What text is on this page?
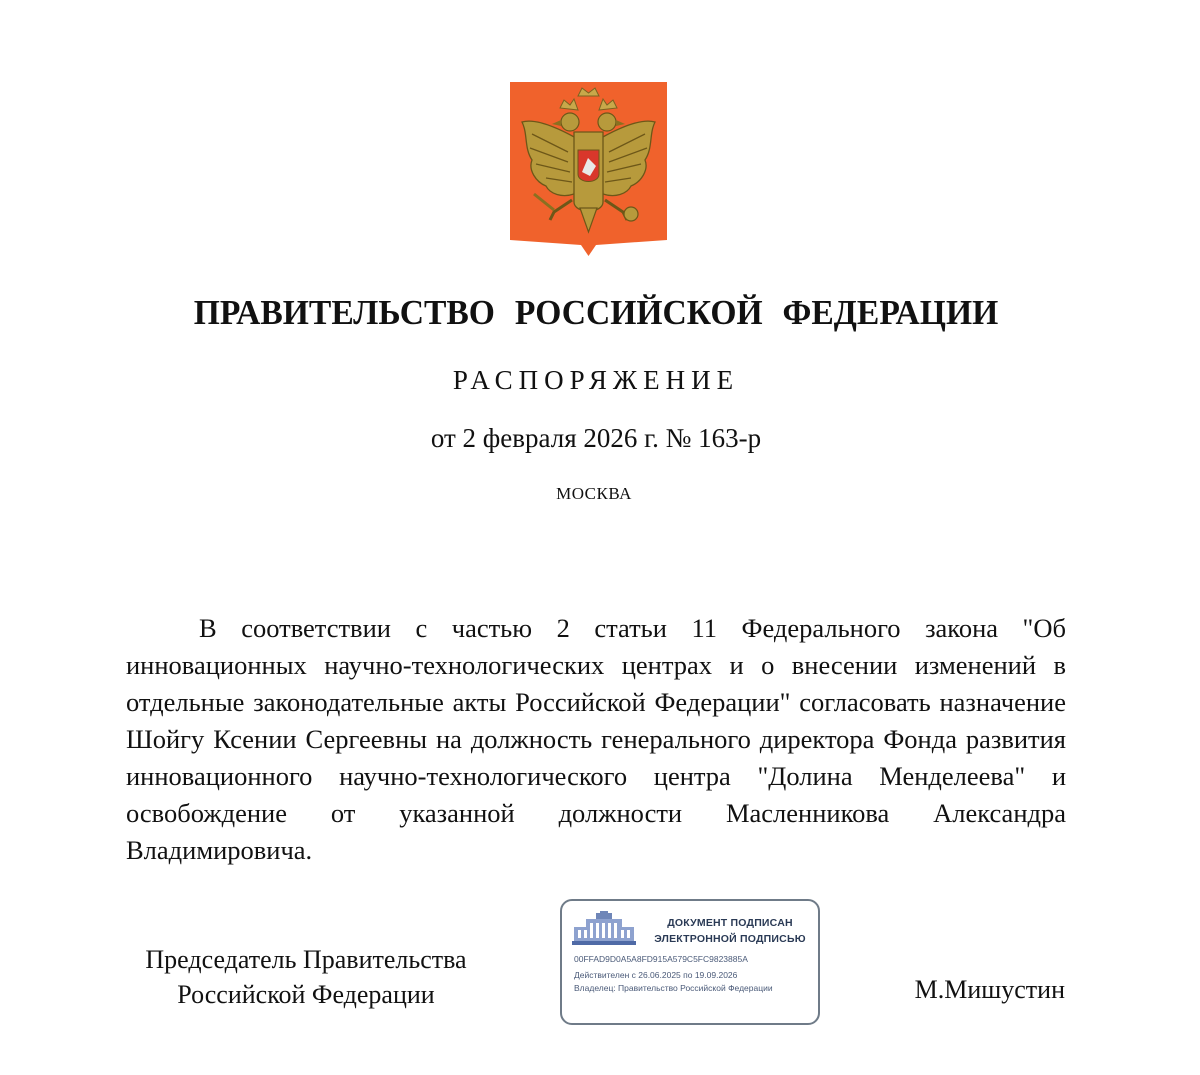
ПРАВИТЕЛЬСТВО РОССИЙСКОЙ ФЕДЕРАЦИИ
РАСПОРЯЖЕНИЕ
от 2 февраля 2026 г. № 163-р
МОСКВА

В соответствии с частью 2 статьи 11 Федерального закона "Об инновационных научно-технологических центрах и о внесении изменений в отдельные законодательные акты Российской Федерации" согласовать назначение Шойгу Ксении Сергеевны на должность генерального директора Фонда развития инновационного научно-технологического центра "Долина Менделеева" и освобождение от указанной должности Масленникова Александра Владимировича.

Председатель Правительства
Российской Федерации
ДОКУМЕНТ ПОДПИСАН
ЭЛЕКТРОННОЙ ПОДПИСЬЮ
00FFAD9D0A5A8FD915A579C5FC9823885A
Действителен с 26.06.2025 по 19.09.2026
Владелец: Правительство Российской Федерации	М.Мишустин
